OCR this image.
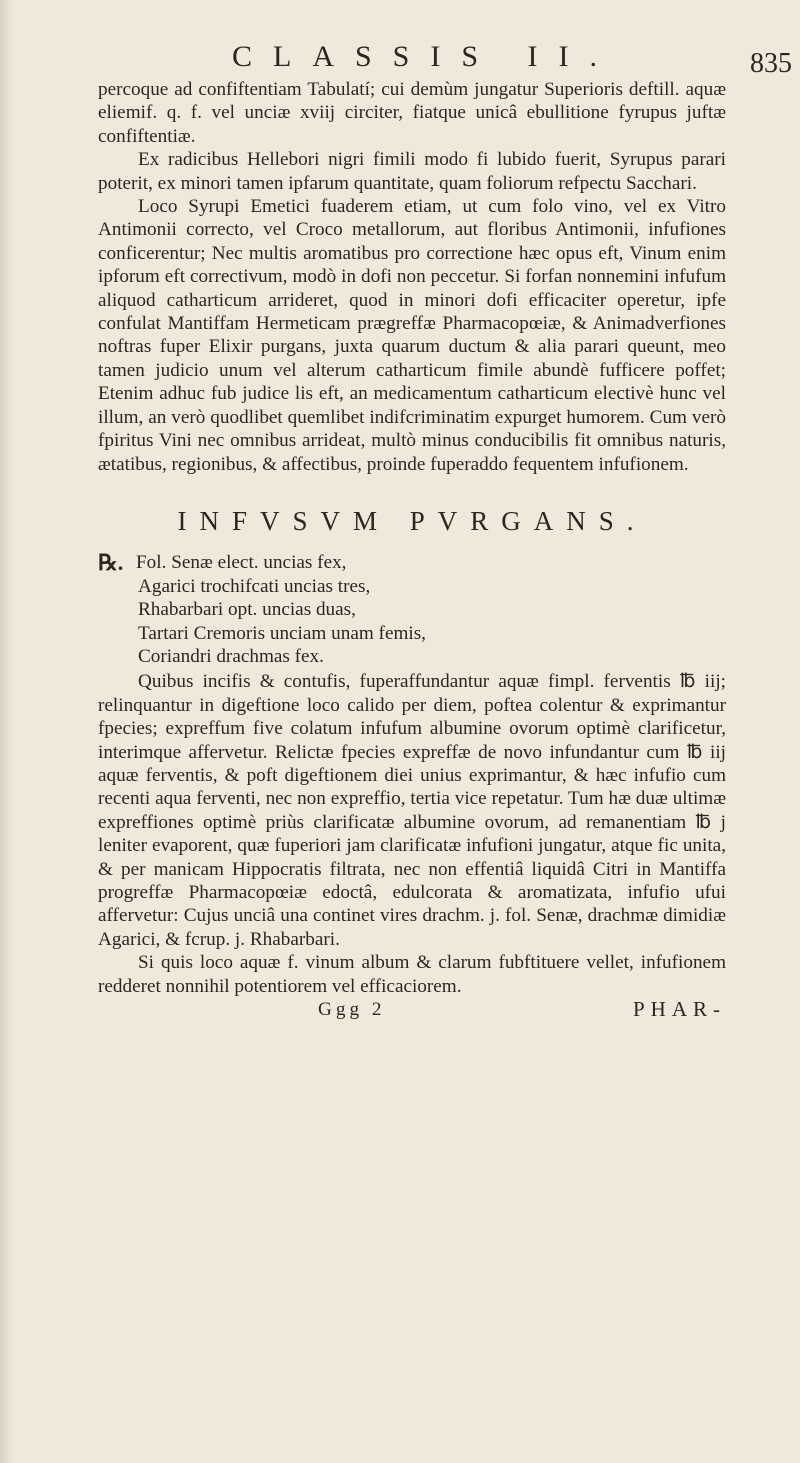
CLASSIS II.	835

percoque ad confiftentiam Tabulatí; cui demùm jungatur Superioris deftill. aquæ eliemif. q. f. vel unciæ xviij circiter, fiatque unicâ ebullitione fyrupus juftæ confiftentiæ.

Ex radicibus Hellebori nigri fimili modo fi lubido fuerit, Syrupus parari poterit, ex minori tamen ipfarum quantitate, quam foliorum refpectu Sacchari.

Loco Syrupi Emetici fuaderem etiam, ut cum folo vino, vel ex Vitro Antimonii correcto, vel Croco metallorum, aut floribus Antimonii, infufiones conficerentur; Nec multis aromatibus pro correctione hæc opus eft, Vinum enim ipforum eft correctivum, modò in dofi non peccetur. Si forfan nonnemini infufum aliquod catharticum arrideret, quod in minori dofi efficaciter operetur, ipfe confulat Mantiffam Hermeticam prægreffæ Pharmacopœiæ, & Animadverfiones noftras fuper Elixir purgans, juxta quarum ductum & alia parari queunt, meo tamen judicio unum vel alterum catharticum fimile abundè fufficere poffet; Etenim adhuc fub judice lis eft, an medicamentum catharticum electivè hunc vel illum, an verò quodlibet quemlibet indifcriminatim expurget humorem. Cum verò fpiritus Vini nec omnibus arrideat, multò minus conducibilis fit omnibus naturis, ætatibus, regionibus, & affectibus, proinde fuperaddo fequentem infufionem.

INFVSVM PVRGANS.

℞. Fol. Senæ elect. uncias fex,
Agarici trochifcati uncias tres,
Rhabarbari opt. uncias duas,
Tartari Cremoris unciam unam femis,
Coriandri drachmas fex.

Quibus incifis & contufis, fuperaffundantur aquæ fimpl. ferventis ℔ iij; relinquantur in digeftione loco calido per diem, poftea colentur & exprimantur fpecies; expreffum five colatum infufum albumine ovorum optimè clarificetur, interimque affervetur. Relictæ fpecies expreffæ de novo infundantur cum ℔ iij aquæ ferventis, & poft digeftionem diei unius exprimantur, & hæc infufio cum recenti aqua ferventi, nec non expreffio, tertia vice repetatur. Tum hæ duæ ultimæ expreffiones optimè priùs clarificatæ albumine ovorum, ad remanentiam ℔ j leniter evaporent, quæ fuperiori jam clarificatæ infufioni jungatur, atque fic unita, & per manicam Hippocratis filtrata, nec non effentiâ liquidâ Citri in Mantiffa progreffæ Pharmacopœiæ edoctâ, edulcorata & aromatizata, infufio ufui affervetur: Cujus unciâ una continet vires drachm. j. fol. Senæ, drachmæ dimidiæ Agarici, & fcrup. j. Rhabarbari.

Si quis loco aquæ f. vinum album & clarum fubftituere vellet, infufionem redderet nonnihil potentiorem vel efficaciorem.

Ggg 2	PHAR-
